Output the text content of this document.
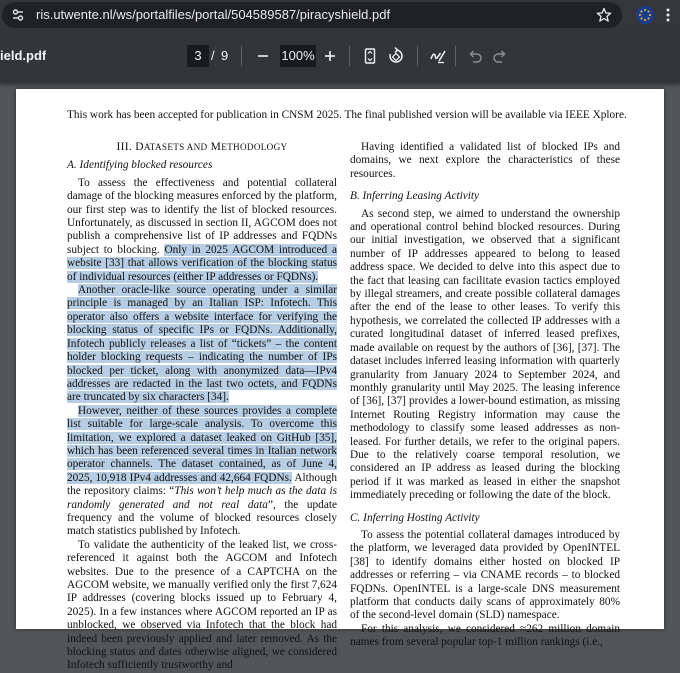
ris.utwente.nl/ws/portalfiles/portal/504589587/piracyshield.pdf
ield.pdf
3	/ 9
100%
This work has been accepted for publication in CNSM 2025. The final published version will be available via IEEE Xplore.
III. DATASETS AND METHODOLOGY
A. Identifying blocked resources

To assess the effectiveness and potential collateral damage of the blocking measures enforced by the platform, our first step was to identify the list of blocked resources. Unfortunately, as discussed in section II, AGCOM does not publish a comprehensive list of IP addresses and FQDNs subject to blocking. Only in 2025 AGCOM introduced a website [33] that allows verification of the blocking status of individual resources (either IP addresses or FQDNs).

Another oracle-like source operating under a similar principle is managed by an Italian ISP: Infotech. This operator also offers a website interface for verifying the blocking status of specific IPs or FQDNs. Additionally, Infotech publicly releases a list of “tickets” – the content holder blocking requests – indicating the number of IPs blocked per ticket, along with anonymized data—IPv4 addresses are redacted in the last two octets, and FQDNs are truncated by six characters [34].

However, neither of these sources provides a complete list suitable for large-scale analysis. To overcome this limitation, we explored a dataset leaked on GitHub [35], which has been referenced several times in Italian network operator channels. The dataset contained, as of June 4, 2025, 10,918 IPv4 addresses and 42,664 FQDNs. Although the repository claims: “This won’t help much as the data is randomly generated and not real data”, the update frequency and the volume of blocked resources closely match statistics published by Infotech.

To validate the authenticity of the leaked list, we cross-referenced it against both the AGCOM and Infotech websites. Due to the presence of a CAPTCHA on the AGCOM website, we manually verified only the first 7,624 IP addresses (covering blocks issued up to February 4, 2025). In a few instances where AGCOM reported an IP as unblocked, we observed via Infotech that the block had indeed been previously applied and later removed. As the blocking status and dates otherwise aligned, we considered Infotech sufficiently trustworthy and

Having identified a validated list of blocked IPs and domains, we next explore the characteristics of these resources.

B. Inferring Leasing Activity

As second step, we aimed to understand the ownership and operational control behind blocked resources. During our initial investigation, we observed that a significant number of IP addresses appeared to belong to leased address space. We decided to delve into this aspect due to the fact that leasing can facilitate evasion tactics employed by illegal streamers, and create possible collateral damages after the end of the lease to other leases. To verify this hypothesis, we correlated the collected IP addresses with a curated longitudinal dataset of inferred leased prefixes, made available on request by the authors of [36], [37]. The dataset includes inferred leasing information with quarterly granularity from January 2024 to September 2024, and monthly granularity until May 2025. The leasing inference of [36], [37] provides a lower-bound estimation, as missing Internet Routing Registry information may cause the methodology to classify some leased addresses as non-leased. For further details, we refer to the original papers. Due to the relatively coarse temporal resolution, we considered an IP address as leased during the blocking period if it was marked as leased in either the snapshot immediately preceding or following the date of the block.

C. Inferring Hosting Activity

To assess the potential collateral damages introduced by the platform, we leveraged data provided by OpenINTEL [38] to identify domains either hosted on blocked IP addresses or referring – via CNAME records – to blocked FQDNs. OpenINTEL is a large-scale DNS measurement platform that conducts daily scans of approximately 80% of the second-level domain (SLD) namespace.

For this analysis, we considered ≈262 million domain names from several popular top-1 million rankings (i.e.,
